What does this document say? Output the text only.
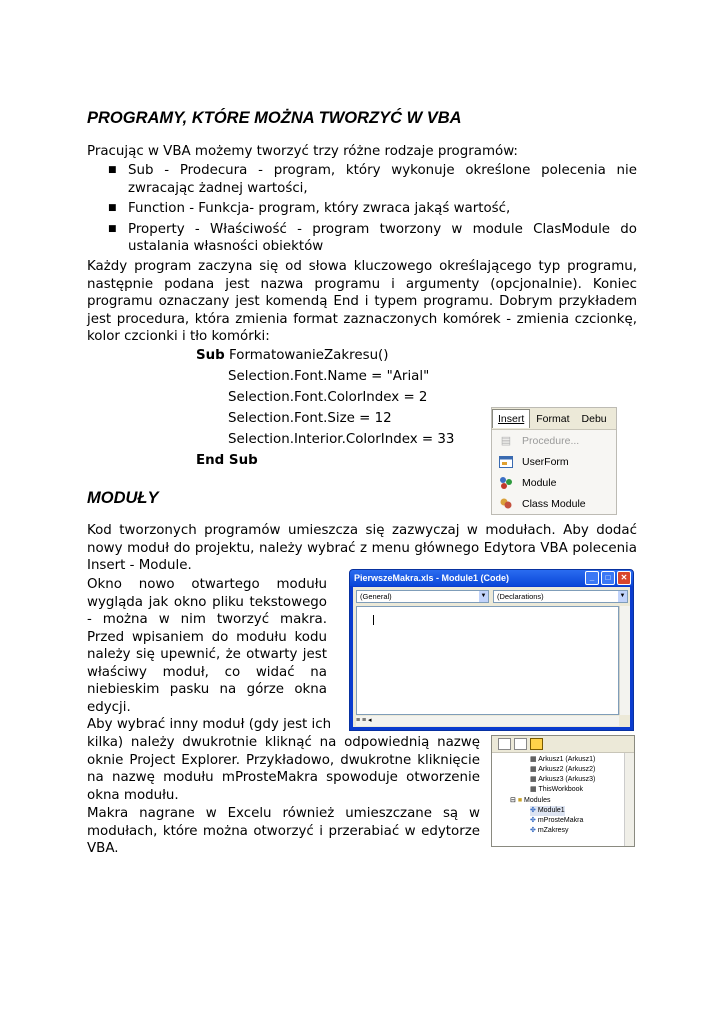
PROGRAMY, KTÓRE MOŻNA TWORZYĆ W VBA
Pracując w VBA możemy tworzyć trzy różne rodzaje programów:
■ Sub - Prodecura - program, który wykonuje określone polecenia nie zwracając żadnej wartości,
■ Function - Funkcja- program, który zwraca jakąś wartość,
■ Property - Właściwość - program tworzony w module ClasModule do ustalania własności obiektów
Każdy program zaczyna się od słowa kluczowego określającego typ programu, następnie podana jest nazwa programu i argumenty (opcjonalnie). Koniec programu oznaczany jest komendą End i typem programu. Dobrym przykładem jest procedura, która zmienia format zaznaczonych komórek - zmienia czcionkę, kolor czcionki i tło komórki:
Sub FormatowanieZakresu()
Selection.Font.Name = "Arial"
Selection.Font.ColorIndex = 2
Selection.Font.Size = 12
Selection.Interior.ColorIndex = 33
End Sub
Insert	Format	Debu
▤	Procedure...
UserForm
Module
Class Module
MODUŁY
Kod tworzonych programów umieszcza się zazwyczaj w modułach. Aby dodać nowy moduł do projektu, należy wybrać z menu głównego Edytora VBA polecenia Insert - Module.
Okno nowo otwartego modułu wygląda jak okno pliku tekstowego - można w nim tworzyć makra. Przed wpisaniem do modułu kodu należy się upewnić, że otwarty jest właściwy moduł, co widać na niebieskim pasku na górze okna edycji.
Aby wybrać inny moduł (gdy jest ich
kilka) należy dwukrotnie kliknąć na odpowiednią nazwę oknie Project Explorer. Przykładowo, dwukrotne kliknięcie na nazwę modułu mProsteMakra spowoduje otworzenie okna modułu.
Makra nagrane w Excelu również umieszczane są w modułach, które można otworzyć i przerabiać w edytorze VBA.
PierwszeMakra.xls - Module1 (Code)	_	□	✕
(General)	▼	(Declarations)	▼
≡ ≡ ◂
▦ Arkusz1 (Arkusz1)
▦ Arkusz2 (Arkusz2)
▦ Arkusz3 (Arkusz3)
▦ ThisWorkbook
⊟ ■ Modules
✤ Module1
✤ mProsteMakra
✤ mZakresy
